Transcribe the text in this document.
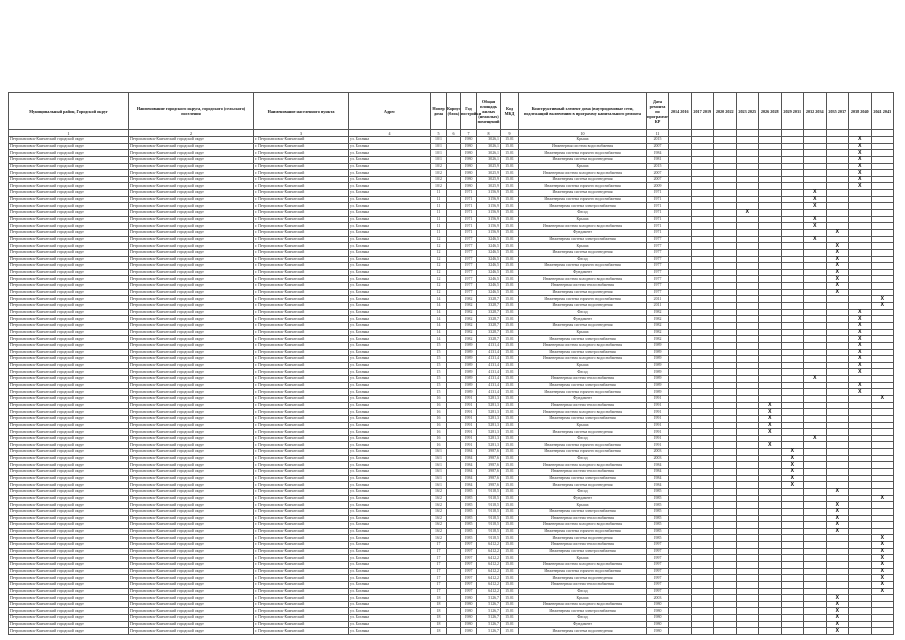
Муниципальный район, Городской округ	Наименование городского округа, городского (сельского) поселения	Наименование населенного пункта	Адрес	Номер дома	Корпус (блок)	Год постройки	Общая площадь жилых (нежилых) помещений	Код МКД	Конструктивный элемент дома (внутридомовые сети, подлежащий включению в программу капитального ремонта	Дата ремонта по программе КР	2014 2016	2017 2019	2020 2022	2023 2025	2026 2028	2029 2031	2032 2034	2035 2037	2038 2040	2041 2043
1	2	3	4	5	6	7	8	9	10	11										
Петропавловск-Камчатский городской округ	Петропавловск-Камчатский городской округ	г. Петропавловск-Камчатский	ул. Бохняка	10/1		1980	3026,1	15.01	Крыша	2015									X	
Петропавловск-Камчатский городской округ	Петропавловск-Камчатский городской округ	г. Петропавловск-Камчатский	ул. Бохняка	10/1		1980	3026,1	15.01	Инженерная система водоснабжения	2007									X	
Петропавловск-Камчатский городской округ	Петропавловск-Камчатский городской округ	г. Петропавловск-Камчатский	ул. Бохняка	10/1		1980	3026,1	15.01	Инженерная система горячего водоснабжения	1984									X	
Петропавловск-Камчатский городской округ	Петропавловск-Камчатский городской округ	г. Петропавловск-Камчатский	ул. Бохняка	10/1		1980	3026,1	15.01	Инженерная система водоотведения	1981									X	
Петропавловск-Камчатский городской округ	Петропавловск-Камчатский городской округ	г. Петропавловск-Камчатский	ул. Бохняка	10/2		1980	3025,9	15.01	Крыша	2015									X	
Петропавловск-Камчатский городской округ	Петропавловск-Камчатский городской округ	г. Петропавловск-Камчатский	ул. Бохняка	10/2		1980	3025,9	15.01	Инженерная система холодного водоснабжения	2007									X	
Петропавловск-Камчатский городской округ	Петропавловск-Камчатский городской округ	г. Петропавловск-Камчатский	ул. Бохняка	10/2		1980	3025,9	15.01	Инженерная система водоотведения	2007									X	
Петропавловск-Камчатский городской округ	Петропавловск-Камчатский городской округ	г. Петропавловск-Камчатский	ул. Бохняка	10/2		1980	3025,9	15.01	Инженерная система горячего водоснабжения	2009									X	
Петропавловск-Камчатский городской округ	Петропавловск-Камчатский городской округ	г. Петропавловск-Камчатский	ул. Бохняка	11		1971	3156,9	15.01	Инженерная система водоотведения	1971							X			
Петропавловск-Камчатский городской округ	Петропавловск-Камчатский городской округ	г. Петропавловск-Камчатский	ул. Бохняка	11		1971	3156,9	15.01	Инженерная система горячего водоснабжения	1971							X			
Петропавловск-Камчатский городской округ	Петропавловск-Камчатский городской округ	г. Петропавловск-Камчатский	ул. Бохняка	11		1971	3156,9	15.01	Инженерная система электроснабжения	1971							X			
Петропавловск-Камчатский городской округ	Петропавловск-Камчатский городской округ	г. Петропавловск-Камчатский	ул. Бохняка	11		1971	3156,9	15.01	Фасад	1971				X						
Петропавловск-Камчатский городской округ	Петропавловск-Камчатский городской округ	г. Петропавловск-Камчатский	ул. Бохняка	11		1971	3156,9	15.01	Крыша	1971							X			
Петропавловск-Камчатский городской округ	Петропавловск-Камчатский городской округ	г. Петропавловск-Камчатский	ул. Бохняка	11		1971	3156,9	15.01	Инженерная система холодного водоснабжения	1971							X			
Петропавловск-Камчатский городской округ	Петропавловск-Камчатский городской округ	г. Петропавловск-Камчатский	ул. Бохняка	11		1971	3156,9	15.01	Фундамент	1971								X		
Петропавловск-Камчатский городской округ	Петропавловск-Камчатский городской округ	г. Петропавловск-Камчатский	ул. Бохняка	12		1977	3246,5	15.01	Инженерная система электроснабжения	1977							X			
Петропавловск-Камчатский городской округ	Петропавловск-Камчатский городской округ	г. Петропавловск-Камчатский	ул. Бохняка	12		1977	3246,5	15.01	Крыша	1977								X		
Петропавловск-Камчатский городской округ	Петропавловск-Камчатский городской округ	г. Петропавловск-Камчатский	ул. Бохняка	12		1977	3246,5	15.01	Инженерная система водоотведения	1977								X		
Петропавловск-Камчатский городской округ	Петропавловск-Камчатский городской округ	г. Петропавловск-Камчатский	ул. Бохняка	12		1977	3246,5	15.01	Фасад	1977								X		
Петропавловск-Камчатский городской округ	Петропавловск-Камчатский городской округ	г. Петропавловск-Камчатский	ул. Бохняка	12		1977	3246,5	15.01	Инженерная система горячего водоснабжения	1977								X		
Петропавловск-Камчатский городской округ	Петропавловск-Камчатский городской округ	г. Петропавловск-Камчатский	ул. Бохняка	12		1977	3246,5	15.01	Фундамент	1977								X		
Петропавловск-Камчатский городской округ	Петропавловск-Камчатский городской округ	г. Петропавловск-Камчатский	ул. Бохняка	12		1977	3246,5	15.01	Инженерная система холодного водоснабжения	1977								X		
Петропавловск-Камчатский городской округ	Петропавловск-Камчатский городской округ	г. Петропавловск-Камчатский	ул. Бохняка	12		1977	3246,5	15.01	Инженерная система теплоснабжения	1977								X		
Петропавловск-Камчатский городской округ	Петропавловск-Камчатский городской округ	г. Петропавловск-Камчатский	ул. Бохняка	12		1977	3246,5	15.01	Инженерная система водоотведения	1977								X		
Петропавловск-Камчатский городской округ	Петропавловск-Камчатский городской округ	г. Петропавловск-Камчатский	ул. Бохняка	14		1982	3328,7	15.01	Инженерная система горячего водоснабжения	2011										X
Петропавловск-Камчатский городской округ	Петропавловск-Камчатский городской округ	г. Петропавловск-Камчатский	ул. Бохняка	14		1982	3328,7	15.01	Инженерная система водоотведения	2011										X
Петропавловск-Камчатский городской округ	Петропавловск-Камчатский городской округ	г. Петропавловск-Камчатский	ул. Бохняка	14		1982	3328,7	15.01	Фасад	1982									X	
Петропавловск-Камчатский городской округ	Петропавловск-Камчатский городской округ	г. Петропавловск-Камчатский	ул. Бохняка	14		1982	3328,7	15.01	Фундамент	1982									X	
Петропавловск-Камчатский городской округ	Петропавловск-Камчатский городской округ	г. Петропавловск-Камчатский	ул. Бохняка	14		1982	3328,7	15.01	Инженерная система водоотведения	1982									X	
Петропавловск-Камчатский городской округ	Петропавловск-Камчатский городской округ	г. Петропавловск-Камчатский	ул. Бохняка	14		1982	3328,7	15.01	Крыша	1982									X	
Петропавловск-Камчатский городской округ	Петропавловск-Камчатский городской округ	г. Петропавловск-Камчатский	ул. Бохняка	14		1982	3328,7	15.01	Инженерная система электроснабжения	1982									X	
Петропавловск-Камчатский городской округ	Петропавловск-Камчатский городской округ	г. Петропавловск-Камчатский	ул. Бохняка	15		1989	4131,4	15.01	Инженерная система холодного водоснабжения	1989									X	
Петропавловск-Камчатский городской округ	Петропавловск-Камчатский городской округ	г. Петропавловск-Камчатский	ул. Бохняка	15		1989	4131,4	15.01	Инженерная система электроснабжения	1989									X	
Петропавловск-Камчатский городской округ	Петропавловск-Камчатский городской округ	г. Петропавловск-Камчатский	ул. Бохняка	15		1989	4131,4	15.01	Инженерная система холодного водоснабжения	1989									X	
Петропавловск-Камчатский городской округ	Петропавловск-Камчатский городской округ	г. Петропавловск-Камчатский	ул. Бохняка	15		1989	4131,4	15.01	Крыша	1989									X	
Петропавловск-Камчатский городской округ	Петропавловск-Камчатский городской округ	г. Петропавловск-Камчатский	ул. Бохняка	15		1989	4131,4	15.01	Фасад	1989									X	
Петропавловск-Камчатский городской округ	Петропавловск-Камчатский городской округ	г. Петропавловск-Камчатский	ул. Бохняка	15		1989	4131,4	15.01	Инженерная система теплоснабжения	1989							X			
Петропавловск-Камчатский городской округ	Петропавловск-Камчатский городской округ	г. Петропавловск-Камчатский	ул. Бохняка	15		1989	4131,4	15.01	Инженерная система электроснабжения	1989									X	
Петропавловск-Камчатский городской округ	Петропавловск-Камчатский городской округ	г. Петропавловск-Камчатский	ул. Бохняка	15		1989	4131,4	15.01	Инженерная система горячего водоснабжения	1989									X	
Петропавловск-Камчатский городской округ	Петропавловск-Камчатский городской округ	г. Петропавловск-Камчатский	ул. Бохняка	16		1991	5281,3	15.01	Фундамент	1991										X
Петропавловск-Камчатский городской округ	Петропавловск-Камчатский городской округ	г. Петропавловск-Камчатский	ул. Бохняка	16		1991	5281,3	15.01	Инженерная система теплоснабжения	1991					X					
Петропавловск-Камчатский городской округ	Петропавловск-Камчатский городской округ	г. Петропавловск-Камчатский	ул. Бохняка	16		1991	5281,3	15.01	Инженерная система холодного водоснабжения	1991					X					
Петропавловск-Камчатский городской округ	Петропавловск-Камчатский городской округ	г. Петропавловск-Камчатский	ул. Бохняка	16		1991	5281,3	15.01	Инженерная система электроснабжения	1991					X					
Петропавловск-Камчатский городской округ	Петропавловск-Камчатский городской округ	г. Петропавловск-Камчатский	ул. Бохняка	16		1991	5281,3	15.01	Крыша	1991					X					
Петропавловск-Камчатский городской округ	Петропавловск-Камчатский городской округ	г. Петропавловск-Камчатский	ул. Бохняка	16		1991	5281,3	15.01	Инженерная система водоотведения	1991					X					
Петропавловск-Камчатский городской округ	Петропавловск-Камчатский городской округ	г. Петропавловск-Камчатский	ул. Бохняка	16		1991	5281,3	15.01	Фасад	1991							X			
Петропавловск-Камчатский городской округ	Петропавловск-Камчатский городской округ	г. Петропавловск-Камчатский	ул. Бохняка	16		1991	5281,3	15.01	Инженерная система горячего водоснабжения	1991					X					
Петропавловск-Камчатский городской округ	Петропавловск-Камчатский городской округ	г. Петропавловск-Камчатский	ул. Бохняка	16/1		1984	3987,6	15.01	Инженерная система горячего водоснабжения	2003						X				
Петропавловск-Камчатский городской округ	Петропавловск-Камчатский городской округ	г. Петропавловск-Камчатский	ул. Бохняка	16/1		1984	3987,6	15.01	Фасад	2003						X				
Петропавловск-Камчатский городской округ	Петропавловск-Камчатский городской округ	г. Петропавловск-Камчатский	ул. Бохняка	16/1		1984	3987,6	15.01	Инженерная система холодного водоснабжения	1984						X				
Петропавловск-Камчатский городской округ	Петропавловск-Камчатский городской округ	г. Петропавловск-Камчатский	ул. Бохняка	16/1		1984	3987,6	15.01	Инженерная система теплоснабжения	1984						X				
Петропавловск-Камчатский городской округ	Петропавловск-Камчатский городской округ	г. Петропавловск-Камчатский	ул. Бохняка	16/1		1984	3987,6	15.01	Инженерная система электроснабжения	1984						X				
Петропавловск-Камчатский городской округ	Петропавловск-Камчатский городской округ	г. Петропавловск-Камчатский	ул. Бохняка	16/1		1984	3987,6	15.01	Инженерная система водоотведения	1984						X				
Петропавловск-Камчатский городской округ	Петропавловск-Камчатский городской округ	г. Петропавловск-Камчатский	ул. Бохняка	16/2		1985	9118,5	15.01	Фасад	1985								X		
Петропавловск-Камчатский городской округ	Петропавловск-Камчатский городской округ	г. Петропавловск-Камчатский	ул. Бохняка	16/2		1985	9118,5	15.01	Фундамент	1985										X
Петропавловск-Камчатский городской округ	Петропавловск-Камчатский городской округ	г. Петропавловск-Камчатский	ул. Бохняка	16/2		1985	9118,5	15.01	Крыша	1985								X		
Петропавловск-Камчатский городской округ	Петропавловск-Камчатский городской округ	г. Петропавловск-Камчатский	ул. Бохняка	16/2		1985	9118,5	15.01	Инженерная система электроснабжения	1985								X		
Петропавловск-Камчатский городской округ	Петропавловск-Камчатский городской округ	г. Петропавловск-Камчатский	ул. Бохняка	16/2		1985	9118,5	15.01	Инженерная система теплоснабжения	1985								X		
Петропавловск-Камчатский городской округ	Петропавловск-Камчатский городской округ	г. Петропавловск-Камчатский	ул. Бохняка	16/2		1985	9118,5	15.01	Инженерная система холодного водоснабжения	1985								X		
Петропавловск-Камчатский городской округ	Петропавловск-Камчатский городской округ	г. Петропавловск-Камчатский	ул. Бохняка	16/2		1985	9118,5	15.01	Инженерная система горячего водоснабжения	1985								X		
Петропавловск-Камчатский городской округ	Петропавловск-Камчатский городской округ	г. Петропавловск-Камчатский	ул. Бохняка	16/2		1985	9118,5	15.01	Инженерная система водоотведения	1985										X
Петропавловск-Камчатский городской округ	Петропавловск-Камчатский городской округ	г. Петропавловск-Камчатский	ул. Бохняка	17		1997	6412,2	15.01	Инженерная система теплоснабжения	1997										X
Петропавловск-Камчатский городской округ	Петропавловск-Камчатский городской округ	г. Петропавловск-Камчатский	ул. Бохняка	17		1997	6412,2	15.01	Инженерная система электроснабжения	1997										X
Петропавловск-Камчатский городской округ	Петропавловск-Камчатский городской округ	г. Петропавловск-Камчатский	ул. Бохняка	17		1997	6412,2	15.01	Крыша	1997										X
Петропавловск-Камчатский городской округ	Петропавловск-Камчатский городской округ	г. Петропавловск-Камчатский	ул. Бохняка	17		1997	6412,2	15.01	Инженерная система холодного водоснабжения	1997										X
Петропавловск-Камчатский городской округ	Петропавловск-Камчатский городской округ	г. Петропавловск-Камчатский	ул. Бохняка	17		1997	6412,2	15.01	Инженерная система горячего водоснабжения	1997										X
Петропавловск-Камчатский городской округ	Петропавловск-Камчатский городской округ	г. Петропавловск-Камчатский	ул. Бохняка	17		1997	6412,2	15.01	Инженерная система водоотведения	1997										X
Петропавловск-Камчатский городской округ	Петропавловск-Камчатский городской округ	г. Петропавловск-Камчатский	ул. Бохняка	17		1997	6412,2	15.01	Инженерная система теплоснабжения	1997										X
Петропавловск-Камчатский городской округ	Петропавловск-Камчатский городской округ	г. Петропавловск-Камчатский	ул. Бохняка	17		1997	6412,2	15.01	Фасад	1997										X
Петропавловск-Камчатский городской округ	Петропавловск-Камчатский городской округ	г. Петропавловск-Камчатский	ул. Бохняка	18		1980	5126,7	15.01	Крыша	2003								X		
Петропавловск-Камчатский городской округ	Петропавловск-Камчатский городской округ	г. Петропавловск-Камчатский	ул. Бохняка	18		1980	5126,7	15.01	Инженерная система холодного водоснабжения	1980								X		
Петропавловск-Камчатский городской округ	Петропавловск-Камчатский городской округ	г. Петропавловск-Камчатский	ул. Бохняка	18		1980	5126,7	15.01	Инженерная система электроснабжения	1980								X		
Петропавловск-Камчатский городской округ	Петропавловск-Камчатский городской округ	г. Петропавловск-Камчатский	ул. Бохняка	18		1980	5126,7	15.01	Фасад	1980								X		
Петропавловск-Камчатский городской округ	Петропавловск-Камчатский городской округ	г. Петропавловск-Камчатский	ул. Бохняка	18		1980	5126,7	15.01	Фундамент	1980								X		
Петропавловск-Камчатский городской округ	Петропавловск-Камчатский городской округ	г. Петропавловск-Камчатский	ул. Бохняка	18		1980	5126,7	15.01	Инженерная система водоотведения	1980								X		
